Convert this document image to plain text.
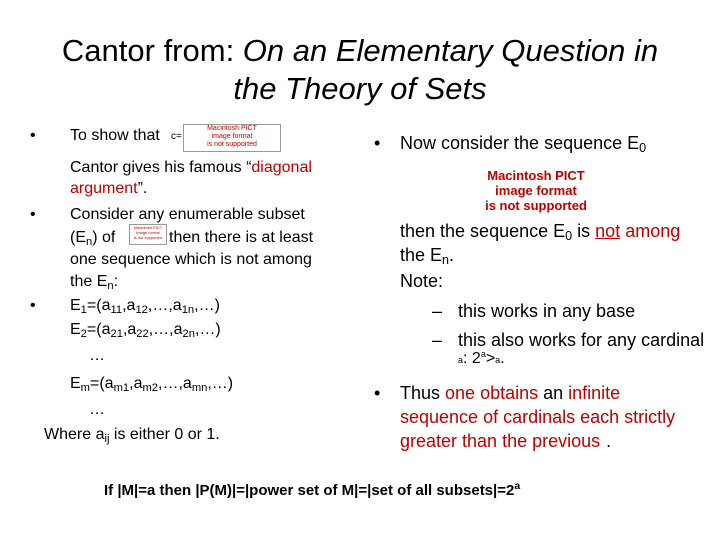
Cantor from: On an Elementary Question in
the Theory of Sets
• To show that c=
Macintosh PICT
image format
is not supported
Cantor gives his famous “diagonal
argument”.
• Consider any enumerable subset
$(E_n)$ of
Macintosh PICT
image format
is not supported then there is at least
one sequence which is not among
the $E_n$:
• $E_1=(a_{11},a_{12},\dots,a_{1n},\dots)$
$E_2=(a_{21},a_{22},\dots,a_{2n},\dots)$
…
$E_m=(a_{m1},a_{m2},\dots,a_{mn},\dots)$
…
Where $a_{ij}$ is either 0 or 1.
• Now consider the sequence $E_0$
Macintosh PICT
image format
is not supported
then the sequence $E_0$ is not among
the $E_n$.
Note:
– this works in any base
– this also works for any cardinal
a: $2^a>a$.
• Thus one obtains an infinite
sequence of cardinals each strictly
greater than the previous .
If |M|=a then |P(M)|=|power set of M|=|set of all $subsets|=2^a$
